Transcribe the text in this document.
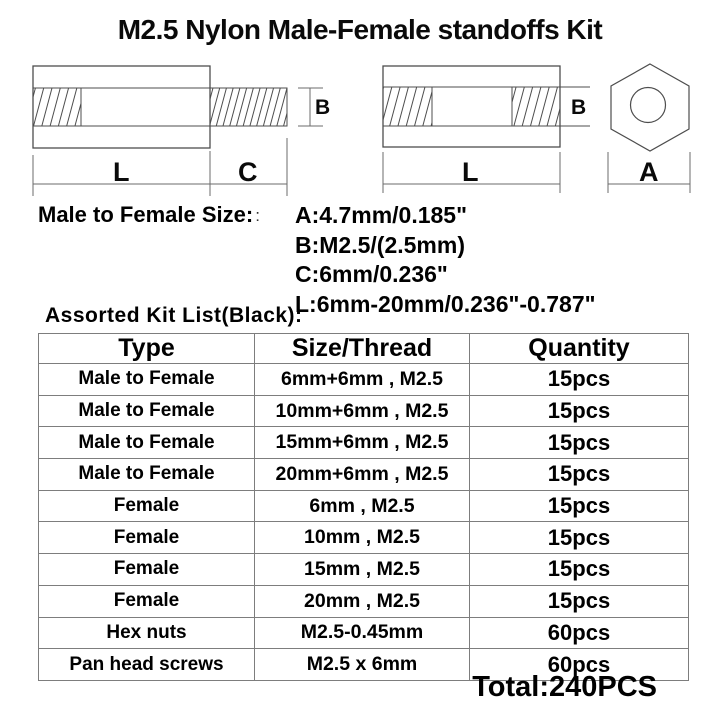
M2.5 Nylon Male-Female standoffs Kit
B
L	C
B
L	A
Male to Female Size: : A:4.7mm/0.185"
B:M2.5/(2.5mm)
C:6mm/0.236"
L:6mm-20mm/0.236"-0.787"
Assorted Kit List(Black):
Type	Size/Thread	Quantity
Male to Female	6mm+6mm , M2.5	15pcs
Male to Female	10mm+6mm , M2.5	15pcs
Male to Female	15mm+6mm , M2.5	15pcs
Male to Female	20mm+6mm , M2.5	15pcs
Female	6mm , M2.5	15pcs
Female	10mm , M2.5	15pcs
Female	15mm , M2.5	15pcs
Female	20mm , M2.5	15pcs
Hex nuts	M2.5-0.45mm	60pcs
Pan head screws	M2.5 x 6mm	60pcs
Total:240PCS
